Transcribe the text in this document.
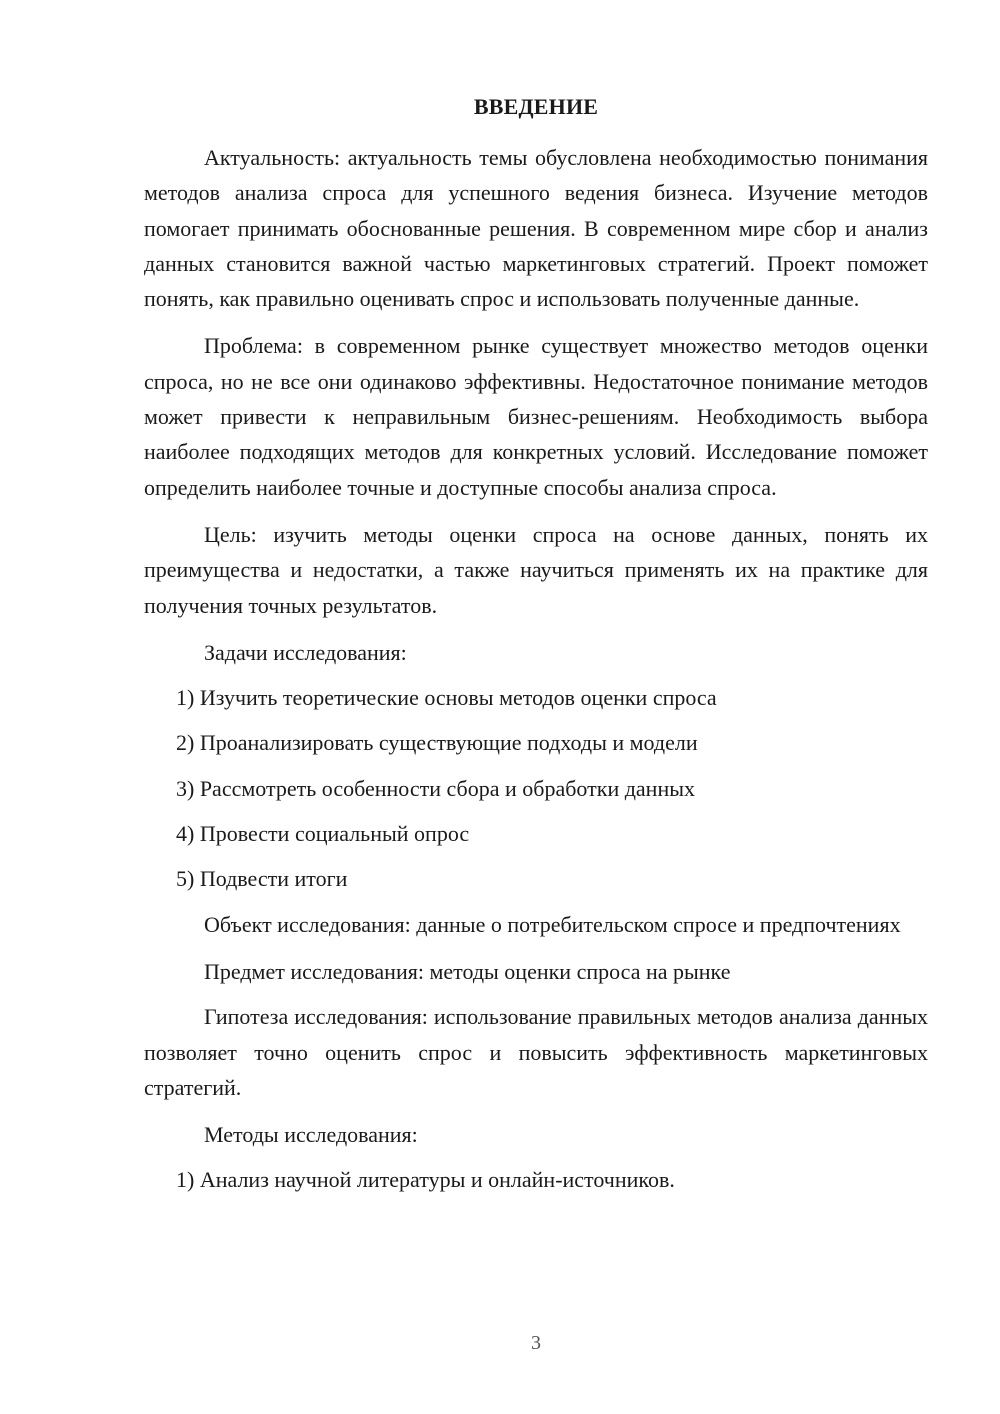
ВВЕДЕНИЕ

Актуальность: актуальность темы обусловлена необходимостью понимания методов анализа спроса для успешного ведения бизнеса. Изучение методов помогает принимать обоснованные решения. В современном мире сбор и анализ данных становится важной частью маркетинговых стратегий. Проект поможет понять, как правильно оценивать спрос и использовать полученные данные.

Проблема: в современном рынке существует множество методов оценки спроса, но не все они одинаково эффективны. Недостаточное понимание методов может привести к неправильным бизнес-решениям. Необходимость выбора наиболее подходящих методов для конкретных условий. Исследование поможет определить наиболее точные и доступные способы анализа спроса.

Цель: изучить методы оценки спроса на основе данных, понять их преимущества и недостатки, а также научиться применять их на практике для получения точных результатов.

Задачи исследования:

1) Изучить теоретические основы методов оценки спроса
2) Проанализировать существующие подходы и модели
3) Рассмотреть особенности сбора и обработки данных
4) Провести социальный опрос
5) Подвести итоги

Объект исследования: данные о потребительском спросе и предпочтениях

Предмет исследования: методы оценки спроса на рынке

Гипотеза исследования: использование правильных методов анализа данных позволяет точно оценить спрос и повысить эффективность маркетинговых стратегий.

Методы исследования:

1) Анализ научной литературы и онлайн-источников.
3
